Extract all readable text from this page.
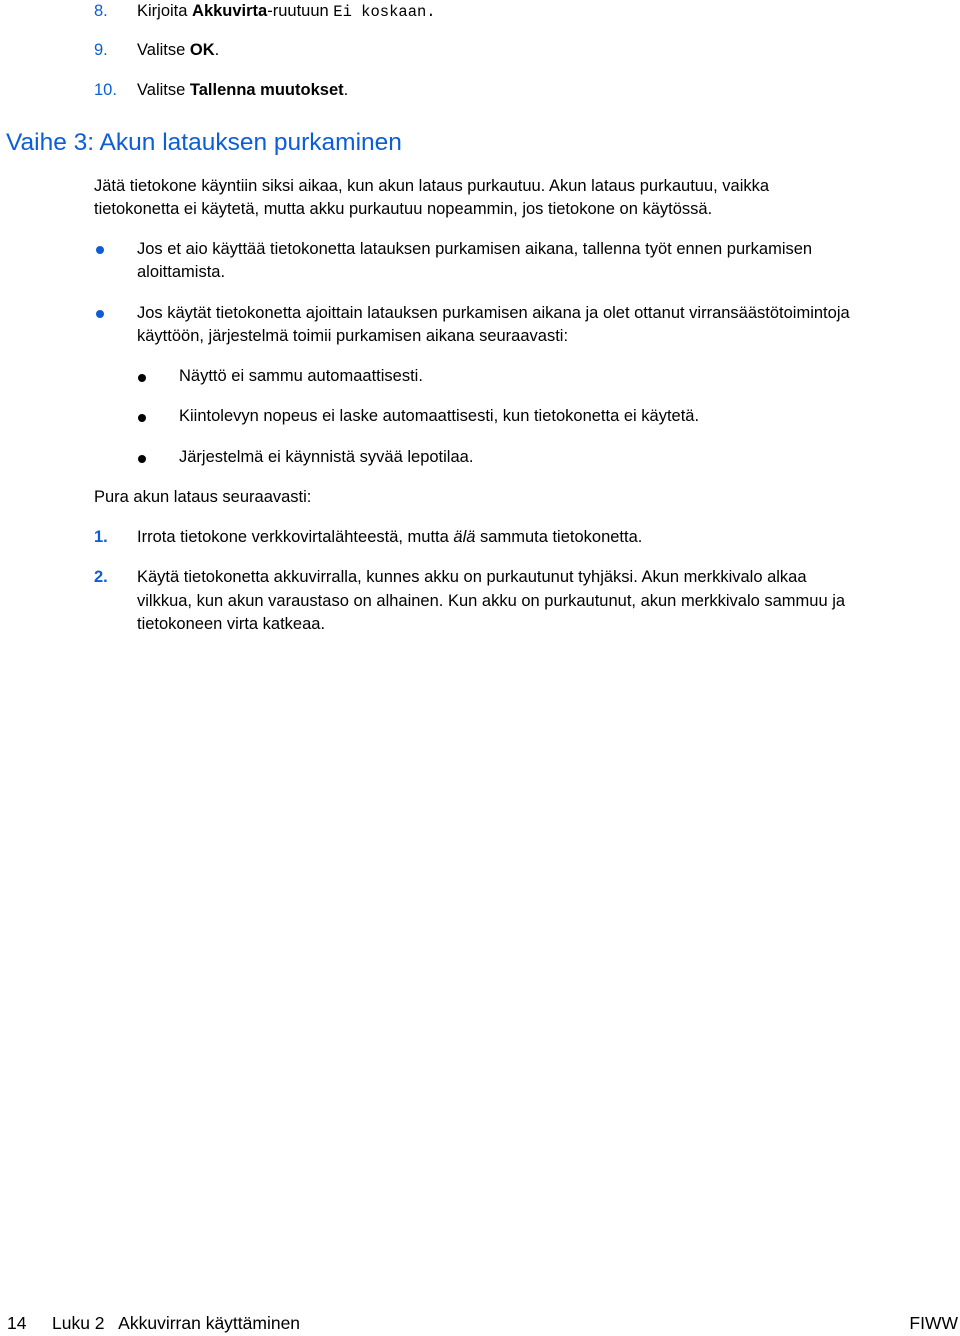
8. Kirjoita Akkuvirta-ruutuun Ei koskaan.
9. Valitse OK.
10. Valitse Tallenna muutokset.
Vaihe 3: Akun latauksen purkaminen
Jätä tietokone käyntiin siksi aikaa, kun akun lataus purkautuu. Akun lataus purkautuu, vaikka
tietokonetta ei käytetä, mutta akku purkautuu nopeammin, jos tietokone on käytössä.
Jos et aio käyttää tietokonetta latauksen purkamisen aikana, tallenna työt ennen purkamisen
aloittamista.
Jos käytät tietokonetta ajoittain latauksen purkamisen aikana ja olet ottanut virransäästötoimintoja
käyttöön, järjestelmä toimii purkamisen aikana seuraavasti:
Näyttö ei sammu automaattisesti.
Kiintolevyn nopeus ei laske automaattisesti, kun tietokonetta ei käytetä.
Järjestelmä ei käynnistä syvää lepotilaa.
Pura akun lataus seuraavasti:
1. Irrota tietokone verkkovirtalähteestä, mutta älä sammuta tietokonetta.
2. Käytä tietokonetta akkuvirralla, kunnes akku on purkautunut tyhjäksi. Akun merkkivalo alkaa
vilkkua, kun akun varaustaso on alhainen. Kun akku on purkautunut, akun merkkivalo sammuu ja
tietokoneen virta katkeaa.
14 Luku 2   Akkuvirran käyttäminen	FIWW
